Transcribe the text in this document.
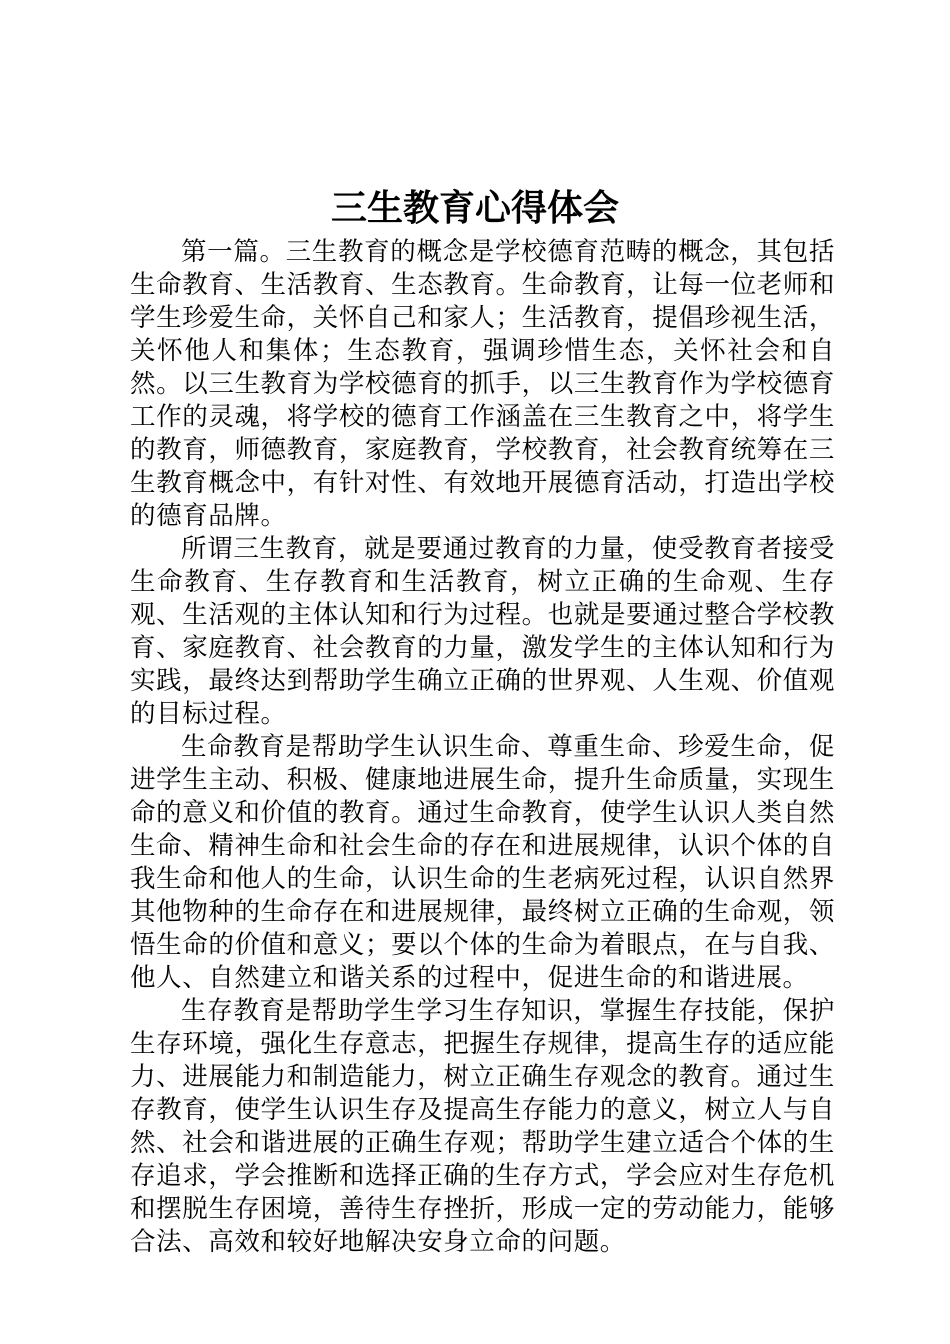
三生教育心得体会

第一篇。三生教育的概念是学校德育范畴的概念，其包括生命教育、生活教育、生态教育。生命教育，让每一位老师和学生珍爱生命，关怀自己和家人；生活教育，提倡珍视生活，关怀他人和集体；生态教育，强调珍惜生态，关怀社会和自然。以三生教育为学校德育的抓手，以三生教育作为学校德育工作的灵魂，将学校的德育工作涵盖在三生教育之中，将学生的教育，师德教育，家庭教育，学校教育，社会教育统筹在三生教育概念中，有针对性、有效地开展德育活动，打造出学校的德育品牌。

所谓三生教育，就是要通过教育的力量，使受教育者接受生命教育、生存教育和生活教育，树立正确的生命观、生存观、生活观的主体认知和行为过程。也就是要通过整合学校教育、家庭教育、社会教育的力量，激发学生的主体认知和行为实践，最终达到帮助学生确立正确的世界观、人生观、价值观的目标过程。

生命教育是帮助学生认识生命、尊重生命、珍爱生命，促进学生主动、积极、健康地进展生命，提升生命质量，实现生命的意义和价值的教育。通过生命教育，使学生认识人类自然生命、精神生命和社会生命的存在和进展规律，认识个体的自我生命和他人的生命，认识生命的生老病死过程，认识自然界其他物种的生命存在和进展规律，最终树立正确的生命观，领悟生命的价值和意义；要以个体的生命为着眼点，在与自我、他人、自然建立和谐关系的过程中，促进生命的和谐进展。

生存教育是帮助学生学习生存知识，掌握生存技能，保护生存环境，强化生存意志，把握生存规律，提高生存的适应能力、进展能力和制造能力，树立正确生存观念的教育。通过生存教育，使学生认识生存及提高生存能力的意义，树立人与自然、社会和谐进展的正确生存观；帮助学生建立适合个体的生存追求，学会推断和选择正确的生存方式，学会应对生存危机和摆脱生存困境，善待生存挫折，形成一定的劳动能力，能够合法、高效和较好地解决安身立命的问题。
